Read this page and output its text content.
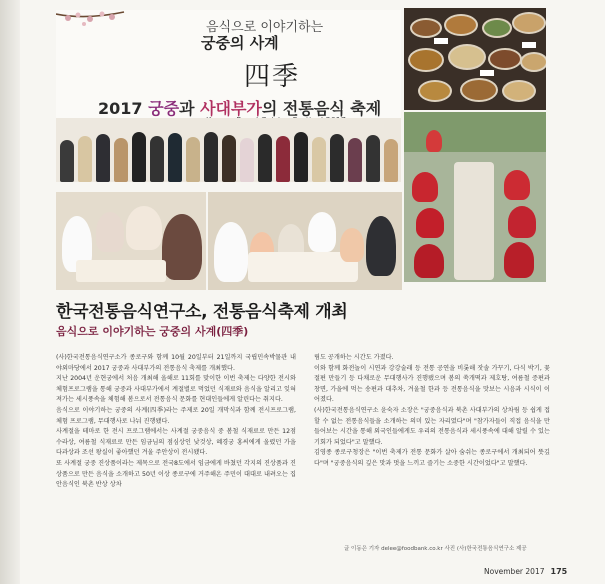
음식으로 이야기하는
궁중의 사계
四季
2017 궁중과 사대부가의 전통음식 축제
한국전통음식연구소, 전통음식축제 개최
음식으로 이야기하는 궁중의 사계(四季)

(사)한국전통음식연구소가 종로구와 함께 10월 20일부터 21일까지 국립민속박물관 내 야외마당에서 2017 궁중과 사대부가의 전통음식 축제를 개최했다.

지난 2004년 운현궁에서 처음 개최해 올해로 11회를 맞이한 이번 축제는 다양한 전시와 체험프로그램을 통해 궁중과 사대부가에서 계절별로 먹었던 식재료와 음식을 알리고 잊혀져가는 세시풍속을 체험해 봄으로서 전통음식 문화를 현대인들에게 알린다는 취지다.

음식으로 이야기하는 궁중의 사계(四季)라는 주제로 20일 개막식과 함께 전시프로그램, 체험 프로그램, 무대행사로 나눠 진행됐다.

사계절을 테마로 한 전시 프로그램에서는 사계절 궁중음식 중 봄철 식재료로 만든 12점 수라상, 여름철 식재료로 만든 임금님의 점심상인 낮것상, 혜경궁 홍씨에게 올렸던 가을 다과상과 조선 왕실이 좋아했던 겨울 주안상이 전시됐다.

또 사계절 궁중 진상품이라는 제목으로 전국8도에서 임금에게 바쳤던 각지의 진상품과 진상품으로 만든 음식을 소개하고 50년 이상 종로구에 거주해온 주민이 대대로 내려오는 집안음식인 북촌 반상 상차

림도 공개하는 시간도 가졌다.

이와 함께 화전놀이 시연과 강강술래 등 전통 공연을 비롯해 잣솔 가꾸기, 다식 박기, 꽃절편 만들기 등 다채로운 무대행사가 진행됐으며 봄의 쑥개떡과 제호탕, 여름철 증편과 창면, 가을에 먹는 송편과 대추차, 겨울철 한과 등 전통음식을 맛보는 시음과 시식이 이어졌다.

(사)한국전통음식연구소 윤숙자 소장은 "궁중음식과 북촌 사대부가의 상차림 등 쉽게 접할 수 없는 전통음식들을 소개하는 의미 있는 자리였다"며 "참가자들이 직접 음식을 만들어보는 시간을 통해 외국인들에게도 우리의 전통음식과 세시풍속에 대해 알릴 수 있는 기회가 되었다"고 말했다.

김영종 종로구청장은 "이번 축제가 전통 문화가 살아 숨쉬는 종로구에서 개최되어 뜻깊다"며 "궁중음식의 깊은 맛과 멋을 느끼고 즐기는 소중한 시간이었다"고 말했다.

글 이동은 기자 delee@foodbank.co.kr 사진 (사)한국전통음식연구소 제공
November 2017 175
